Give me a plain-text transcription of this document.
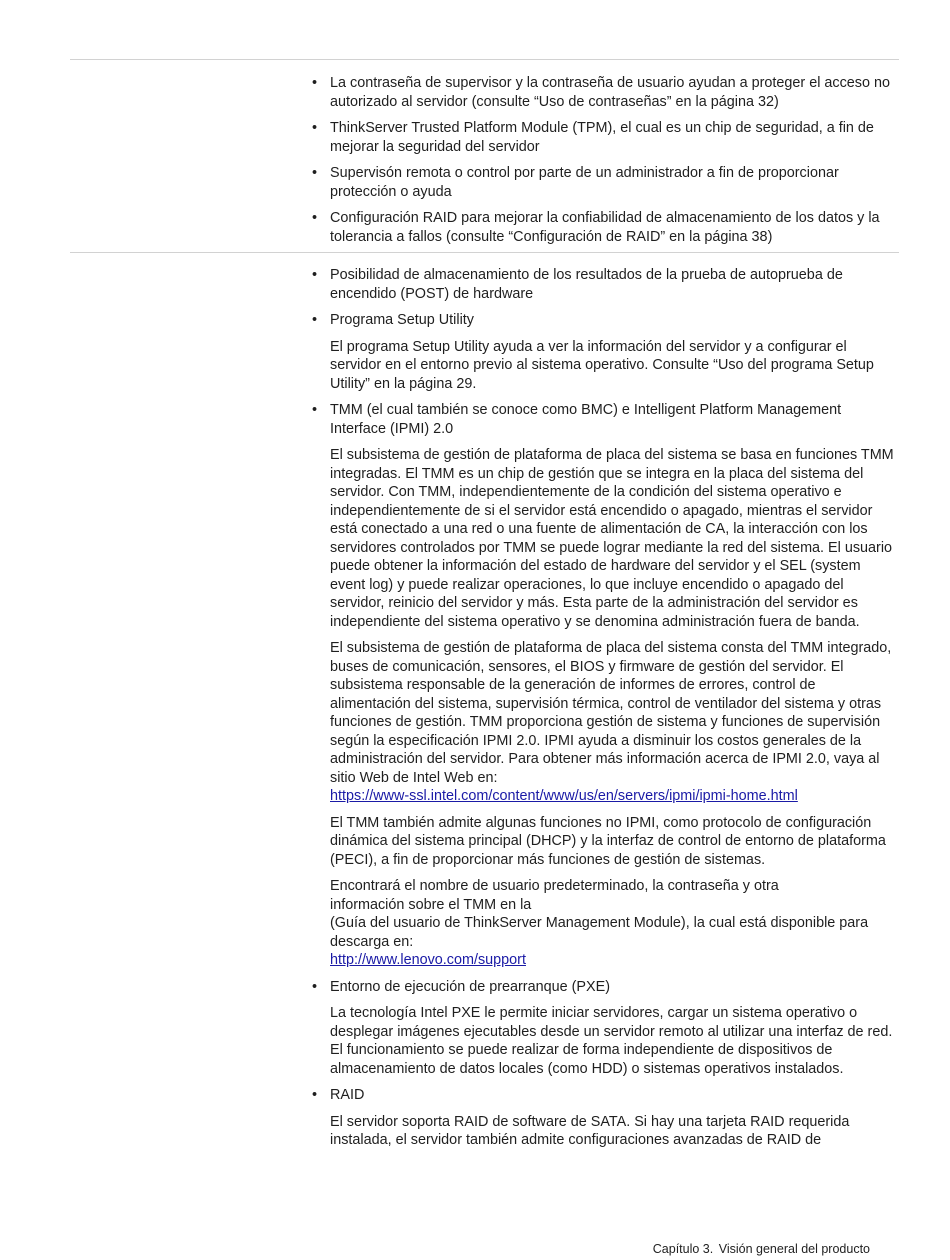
• La contraseña de supervisor y la contraseña de usuario ayudan a proteger el acceso no autorizado al servidor (consulte “Uso de contraseñas” en la página 32)
• ThinkServer Trusted Platform Module (TPM), el cual es un chip de seguridad, a fin de mejorar la seguridad del servidor
• Supervisón remota o control por parte de un administrador a fin de proporcionar protección o ayuda
• Configuración RAID para mejorar la confiabilidad de almacenamiento de los datos y la tolerancia a fallos (consulte “Configuración de RAID” en la página 38)
• Posibilidad de almacenamiento de los resultados de la prueba de autoprueba de encendido (POST) de hardware
• Programa Setup Utility
El programa Setup Utility ayuda a ver la información del servidor y a configurar el servidor en el entorno previo al sistema operativo. Consulte “Uso del programa Setup Utility” en la página 29.
• TMM (el cual también se conoce como BMC) e Intelligent Platform Management Interface (IPMI) 2.0
El subsistema de gestión de plataforma de placa del sistema se basa en funciones TMM integradas. El TMM es un chip de gestión que se integra en la placa del sistema del servidor. Con TMM, independientemente de la condición del sistema operativo e independientemente de si el servidor está encendido o apagado, mientras el servidor está conectado a una red o una fuente de alimentación de CA, la interacción con los servidores controlados por TMM se puede lograr mediante la red del sistema. El usuario puede obtener la información del estado de hardware del servidor y el SEL (system event log) y puede realizar operaciones, lo que incluye encendido o apagado del servidor, reinicio del servidor y más. Esta parte de la administración del servidor es independiente del sistema operativo y se denomina administración fuera de banda.
El subsistema de gestión de plataforma de placa del sistema consta del TMM integrado, buses de comunicación, sensores, el BIOS y firmware de gestión del servidor. El subsistema responsable de la generación de informes de errores, control de alimentación del sistema, supervisión térmica, control de ventilador del sistema y otras funciones de gestión. TMM proporciona gestión de sistema y funciones de supervisión según la especificación IPMI 2.0. IPMI ayuda a disminuir los costos generales de la administración del servidor. Para obtener más información acerca de IPMI 2.0, vaya al sitio Web de Intel Web en:
https://www-ssl.intel.com/content/www/us/en/servers/ipmi/ipmi-home.html
El TMM también admite algunas funciones no IPMI, como protocolo de configuración dinámica del sistema principal (DHCP) y la interfaz de control de entorno de plataforma (PECI), a fin de proporcionar más funciones de gestión de sistemas.
Encontrará el nombre de usuario predeterminado, la contraseña y otra
información sobre el TMM en la
(Guía del usuario de ThinkServer Management Module), la cual está disponible para descarga en:
http://www.lenovo.com/support
• Entorno de ejecución de prearranque (PXE)
La tecnología Intel PXE le permite iniciar servidores, cargar un sistema operativo o desplegar imágenes ejecutables desde un servidor remoto al utilizar una interfaz de red. El funcionamiento se puede realizar de forma independiente de dispositivos de almacenamiento de datos locales (como HDD) o sistemas operativos instalados.
• RAID
El servidor soporta RAID de software de SATA. Si hay una tarjeta RAID requerida instalada, el servidor también admite configuraciones avanzadas de RAID de
Capítulo 3. Visión general del producto
